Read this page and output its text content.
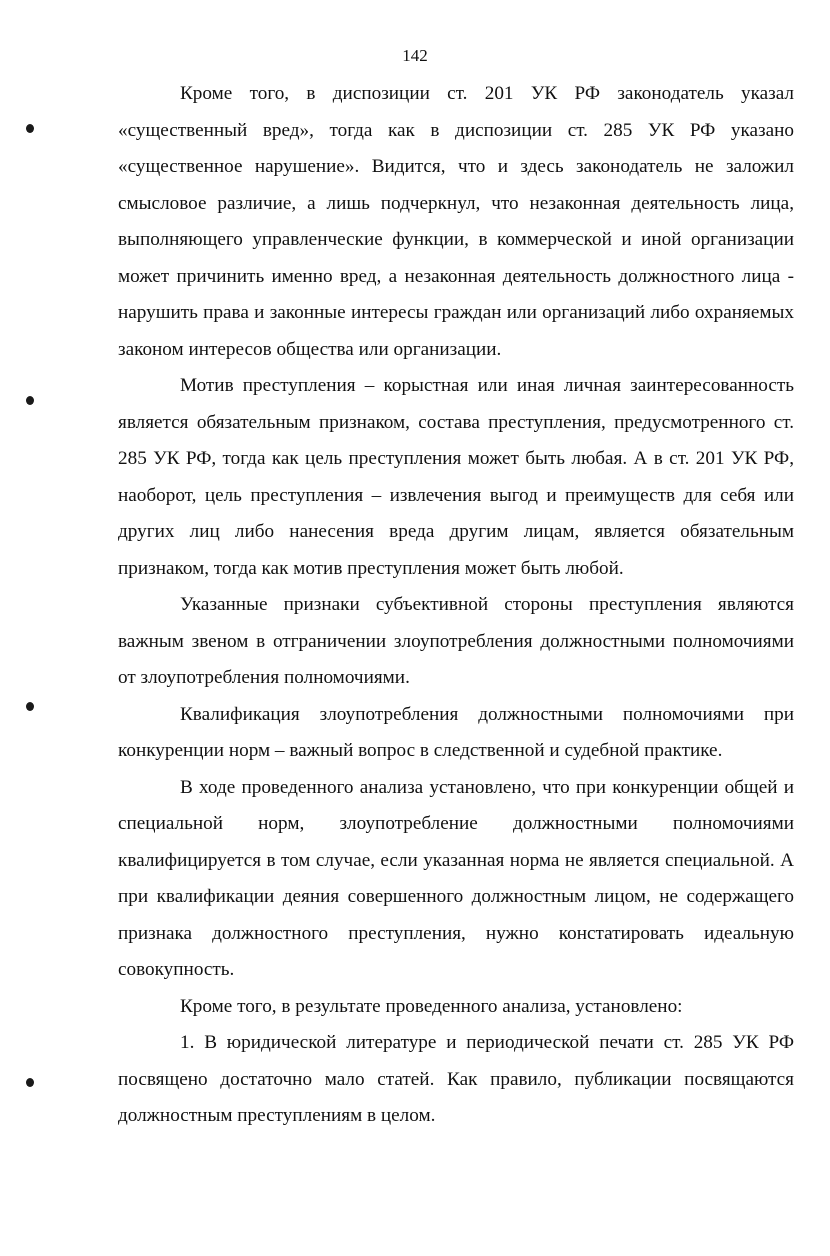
142

Кроме того, в диспозиции ст. 201 УК РФ законодатель указал «существенный вред», тогда как в диспозиции ст. 285 УК РФ указано «существенное нарушение». Видится, что и здесь законодатель не заложил смысловое различие, а лишь подчеркнул, что незаконная деятельность лица, выполняющего управленческие функции, в коммерческой и иной организации может причинить именно вред, а незаконная деятельность должностного лица - нарушить права и законные интересы граждан или организаций либо охраняемых законом интересов общества или организации.

Мотив преступления – корыстная или иная личная заинтересованность является обязательным признаком, состава преступления, предусмотренного ст. 285 УК РФ, тогда как цель преступления может быть любая. А в ст. 201 УК РФ, наоборот, цель преступления – извлечения выгод и преимуществ для себя или других лиц либо нанесения вреда другим лицам, является обязательным признаком, тогда как мотив преступления может быть любой.

Указанные признаки субъективной стороны преступления являются важным звеном в отграничении злоупотребления должностными полномочиями от злоупотребления полномочиями.

Квалификация злоупотребления должностными полномочиями при конкуренции норм – важный вопрос в следственной и судебной практике.

В ходе проведенного анализа установлено, что при конкуренции общей и специальной норм, злоупотребление должностными полномочиями квалифицируется в том случае, если указанная норма не является специальной. А при квалификации деяния совершенного должностным лицом, не содержащего признака должностного преступления, нужно констатировать идеальную совокупность.

Кроме того, в результате проведенного анализа, установлено:

1. В юридической литературе и периодической печати ст. 285 УК РФ посвящено достаточно мало статей. Как правило, публикации посвящаются должностным преступлениям в целом.
